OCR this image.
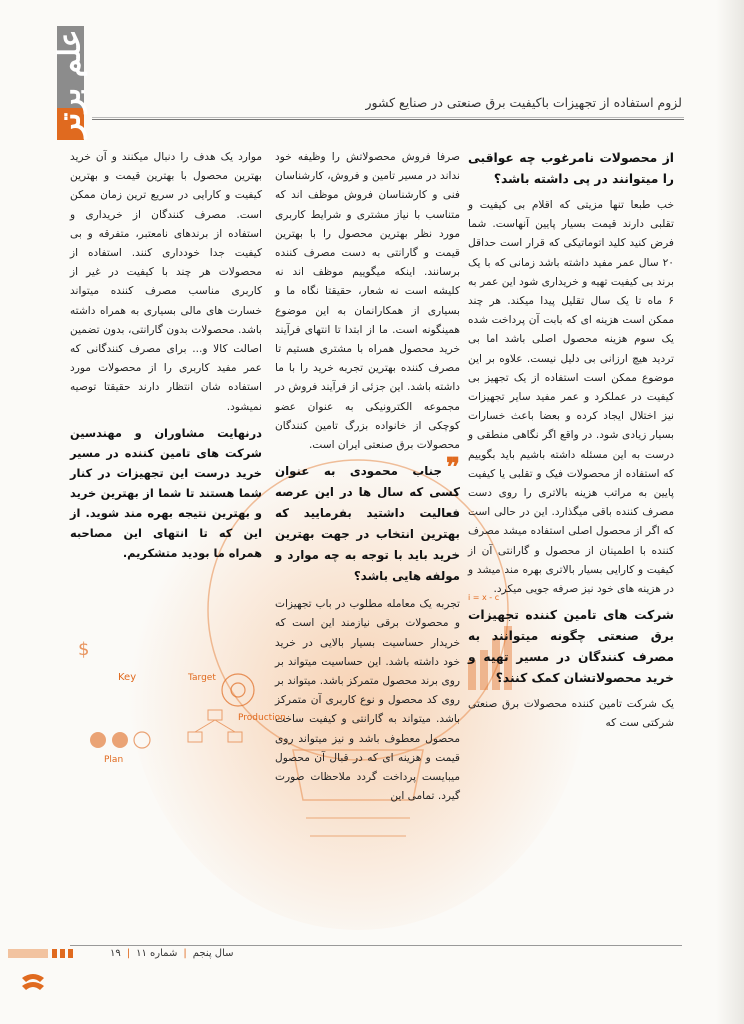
علم برتر	لزوم استفاده از تجهیزات باکیفیت برق صنعتی در صنایع کشور
Key	Target
Plan
Production
i = x - c
$
از محصولات نامرغوب چه عواقبی را میتوانند در پی داشته باشد؟

خب طبعا تنها مزیتی که اقلام بی کیفیت و تقلبی دارند قیمت بسیار پایین آنهاست. شما فرض کنید کلید اتوماتیکی که قرار است حداقل ۲۰ سال عمر مفید داشته باشد زمانی که با یک برند بی کیفیت تهیه و خریداری شود این عمر به ۶ ماه تا یک سال تقلیل پیدا میکند. هر چند ممکن است هزینه ای که بابت آن پرداخت شده یک سوم هزینه محصول اصلی باشد اما بی تردید هیچ ارزانی بی دلیل نیست. علاوه بر این موضوع ممکن است استفاده از یک تجهیز بی کیفیت در عملکرد و عمر مفید سایر تجهیزات نیز اختلال ایجاد کرده و بعضا باعث خسارات بسیار زیادی شود. در واقع اگر نگاهی منطقی و درست به این مسئله داشته باشیم باید بگوییم که استفاده از محصولات فیک و تقلبی یا کیفیت پایین به مراتب هزینه بالاتری را روی دست مصرف کننده باقی میگذارد. این در حالی است که اگر از محصول اصلی استفاده میشد مصرف کننده با اطمینان از محصول و گارانتی آن از کیفیت و کارایی بسیار بالاتری بهره مند میشد و در هزینه های خود نیز صرفه جویی میکرد.

شرکت های تامین کننده تجهیزات برق صنعتی چگونه میتوانند به مصرف کنندگان در مسیر تهیه و خرید محصولاتشان کمک کنند؟

یک شرکت تامین کننده محصولات برق صنعتی شرکتی ست که

صرفا فروش محصولاتش را وظیفه خود نداند در مسیر تامین و فروش، کارشناسان فنی و کارشناسان فروش موظف اند که متناسب با نیاز مشتری و شرایط کاربری مورد نظر بهترین محصول را با بهترین قیمت و گارانتی به دست مصرف کننده برسانند. اینکه میگوییم موظف اند نه کلیشه است نه شعار، حقیقتا نگاه ما و بسیاری از همکارانمان به این موضوع همینگونه است. ما از ابتدا تا انتهای فرآیند خرید محصول همراه با مشتری هستیم تا مصرف کننده بهترین تجربه خرید را با ما داشته باشد. این جزئی از فرآیند فروش در مجموعه الکترونیکی به عنوان عضو کوچکی از خانواده بزرگ تامین کنندگان محصولات برق صنعتی ایران است.

❞
جناب محمودی به عنوان کسی که سال ها در این عرصه فعالیت داشتید بفرمایید که بهترین انتخاب در جهت بهترین خرید باید با توجه به چه موارد و مولفه هایی باشد؟

تجربه یک معامله مطلوب در باب تجهیزات و محصولات برقی نیازمند این است که خریدار حساسیت بسیار بالایی در خرید خود داشته باشد. این حساسیت میتواند بر روی برند محصول متمرکز باشد. میتواند بر روی کد محصول و نوع کاربری آن متمرکز باشد. میتواند به گارانتی و کیفیت ساخت محصول معطوف باشد و نیز میتواند روی قیمت و هزینه ای که در قبال آن محصول میبایست پرداخت گردد ملاحظات صورت گیرد. تمامی این

موارد یک هدف را دنبال میکنند و آن خرید بهترین محصول با بهترین قیمت و بهترین کیفیت و کارایی در سریع ترین زمان ممکن است. مصرف کنندگان از خریداری و استفاده از برندهای نامعتبر، متفرقه و بی کیفیت جدا خودداری کنند. استفاده از محصولات هر چند با کیفیت در غیر از کاربری مناسب مصرف کننده میتواند خسارت های مالی بسیاری به همراه داشته باشد. محصولات بدون گارانتی، بدون تضمین اصالت کالا و... برای مصرف کنندگانی که عمر مفید کاربری را از محصولات مورد استفاده شان انتظار دارند حقیقتا توصیه نمیشود.

درنهایت مشاوران و مهندسین شرکت های تامین کننده در مسیر خرید درست این تجهیزات در کنار شما هستند تا شما از بهترین خرید و بهترین نتیجه بهره مند شوید. از این که تا انتهای این مصاحبه همراه ما بودید متشکریم.

سال پنجم
|
شماره ۱۱
|
۱۹
